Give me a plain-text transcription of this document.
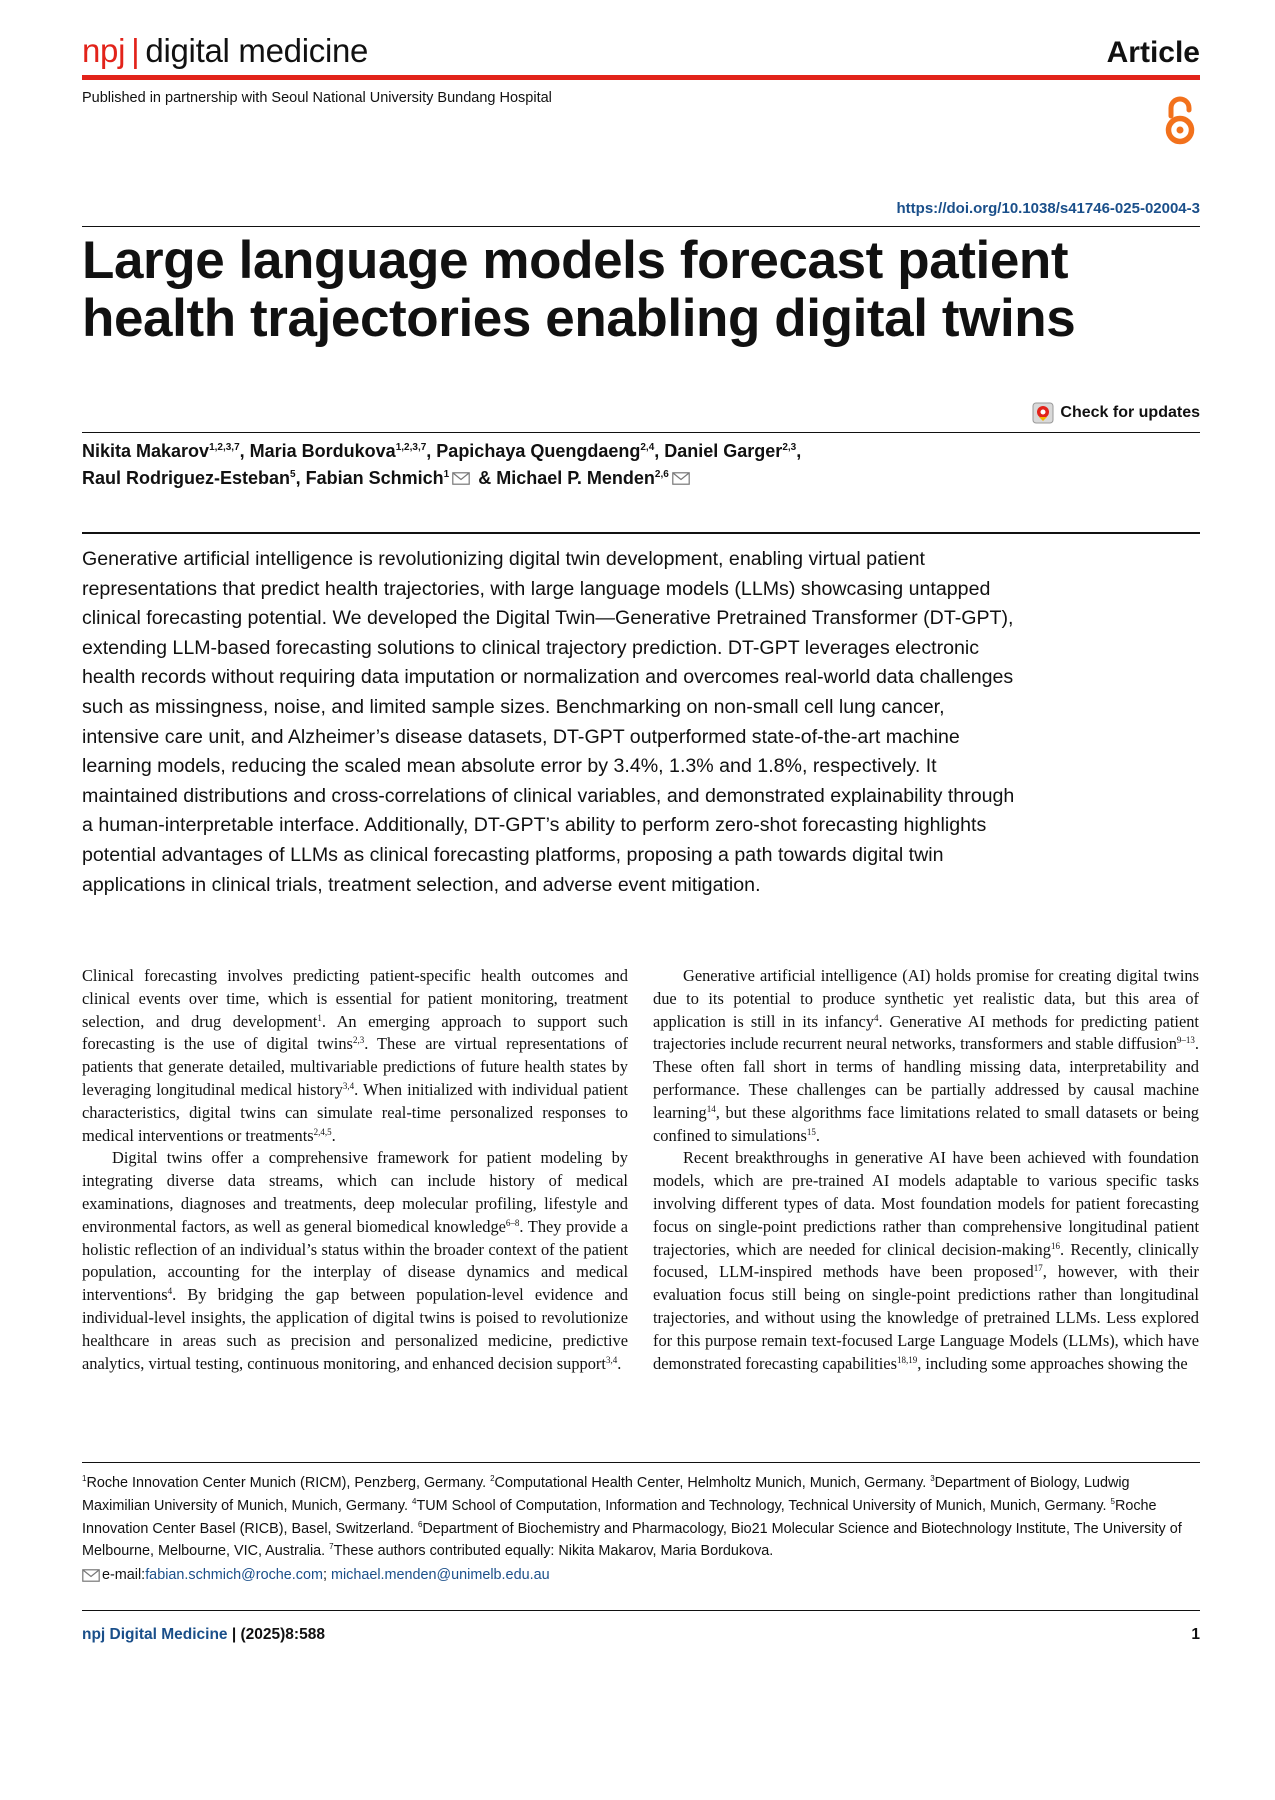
npj | digital medicine	Article
Published in partnership with Seoul National University Bundang Hospital
https://doi.org/10.1038/s41746-025-02004-3
Large language models forecast patient
health trajectories enabling digital twins
Check for updates
Nikita Makarov$^{1,2,3,7}$, Maria Bordukova$^{1,2,3,7}$, Papichaya Quengdaeng$^{2,4}$, Daniel Garger$^{2,3}$,
Raul Rodriguez-Esteban$^5$, Fabian Schmich$^1$ & Michael P. Menden$^{2,6}$

Generative artificial intelligence is revolutionizing digital twin development, enabling virtual patient representations that predict health trajectories, with large language models (LLMs) showcasing untapped clinical forecasting potential. We developed the Digital Twin—Generative Pretrained Transformer (DT-GPT), extending LLM-based forecasting solutions to clinical trajectory prediction. DT-GPT leverages electronic health records without requiring data imputation or normalization and overcomes real-world data challenges such as missingness, noise, and limited sample sizes. Benchmarking on non-small cell lung cancer, intensive care unit, and Alzheimer’s disease datasets, DT-GPT outperformed state-of-the-art machine learning models, reducing the scaled mean absolute error by 3.4%, 1.3% and 1.8%, respectively. It maintained distributions and cross-correlations of clinical variables, and demonstrated explainability through a human-interpretable interface. Additionally, DT-GPT’s ability to perform zero-shot forecasting highlights potential advantages of LLMs as clinical forecasting platforms, proposing a path towards digital twin applications in clinical trials, treatment selection, and adverse event mitigation.

Clinical forecasting involves predicting patient-specific health outcomes and clinical events over time, which is essential for patient monitoring, treatment selection, and drug development$^1$. An emerging approach to support such forecasting is the use of digital twins$^{2,3}$. These are virtual representations of patients that generate detailed, multivariable predictions of future health states by leveraging longitudinal medical history$^{3,4}$. When initialized with individual patient characteristics, digital twins can simulate real-time personalized responses to medical interventions or treatments$^{2,4,5}$.

Digital twins offer a comprehensive framework for patient modeling by integrating diverse data streams, which can include history of medical examinations, diagnoses and treatments, deep molecular profiling, lifestyle and environmental factors, as well as general biomedical knowledge$^{6-8}$. They provide a holistic reflection of an individual’s status within the broader context of the patient population, accounting for the interplay of disease dynamics and medical interventions$^4$. By bridging the gap between population-level evidence and individual-level insights, the application of digital twins is poised to revolutionize healthcare in areas such as precision and personalized medicine, predictive analytics, virtual testing, continuous monitoring, and enhanced decision support$^{3,4}$.

Generative artificial intelligence (AI) holds promise for creating digital twins due to its potential to produce synthetic yet realistic data, but this area of application is still in its infancy$^4$. Generative AI methods for predicting patient trajectories include recurrent neural networks, transformers and stable diffusion$^{9-13}$. These often fall short in terms of handling missing data, interpretability and performance. These challenges can be partially addressed by causal machine learning$^{14}$, but these algorithms face limitations related to small datasets or being confined to simulations$^{15}$.

Recent breakthroughs in generative AI have been achieved with foundation models, which are pre-trained AI models adaptable to various specific tasks involving different types of data. Most foundation models for patient forecasting focus on single-point predictions rather than comprehensive longitudinal patient trajectories, which are needed for clinical decision-making$^{16}$. Recently, clinically focused, LLM-inspired methods have been proposed$^{17}$, however, with their evaluation focus still being on single-point predictions rather than longitudinal trajectories, and without using the knowledge of pretrained LLMs. Less explored for this purpose remain text-focused Large Language Models (LLMs), which have demonstrated forecasting capabilities$^{18,19}$, including some approaches showing the

$^1$Roche Innovation Center Munich (RICM), Penzberg, Germany. $^2$Computational Health Center, Helmholtz Munich, Munich, Germany. $^3$Department of Biology, Ludwig Maximilian University of Munich, Munich, Germany. $^4$TUM School of Computation, Information and Technology, Technical University of Munich, Munich, Germany. $^5$Roche Innovation Center Basel (RICB), Basel, Switzerland. $^6$Department of Biochemistry and Pharmacology, Bio21 Molecular Science and Biotechnology Institute, The University of Melbourne, Melbourne, VIC, Australia. $^7$These authors contributed equally: Nikita Makarov, Maria Bordukova.

e-mail: fabian.schmich@roche.com ; michael.menden@unimelb.edu.au
npj Digital Medicine | (2025)8:588	1
